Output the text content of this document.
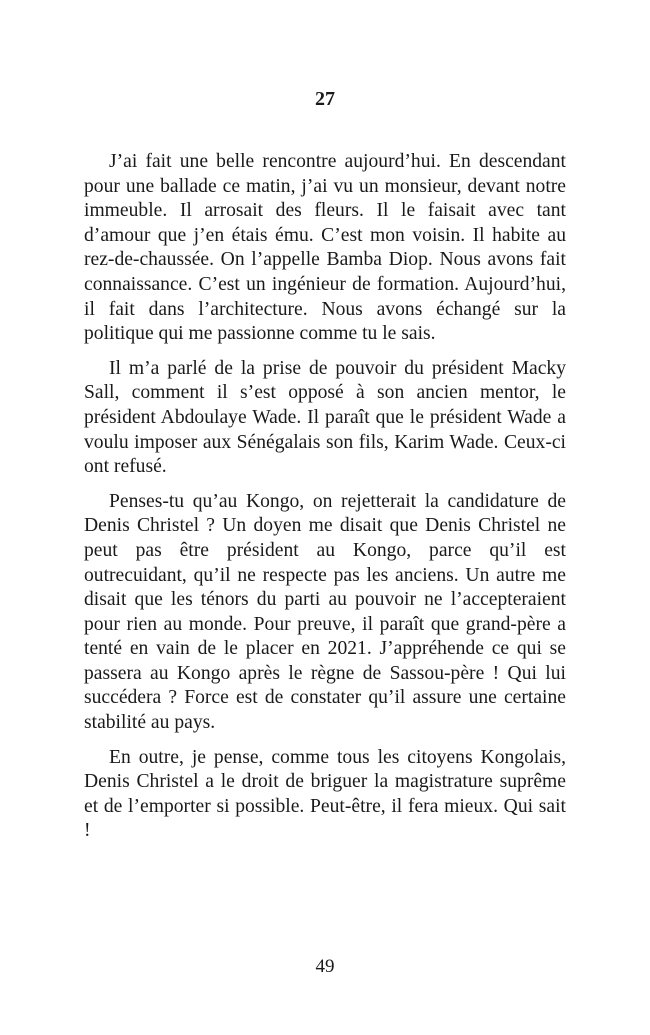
27

J’ai fait une belle rencontre aujourd’hui. En descendant pour une ballade ce matin, j’ai vu un monsieur, devant notre immeuble. Il arrosait des fleurs. Il le faisait avec tant d’amour que j’en étais ému. C’est mon voisin. Il habite au rez-de-chaussée. On l’appelle Bamba Diop. Nous avons fait connaissance. C’est un ingénieur de formation. Aujourd’hui, il fait dans l’architecture. Nous avons échangé sur la politique qui me passionne comme tu le sais.

Il m’a parlé de la prise de pouvoir du président Macky Sall, comment il s’est opposé à son ancien mentor, le président Abdoulaye Wade. Il paraît que le président Wade a voulu imposer aux Sénégalais son fils, Karim Wade. Ceux-ci ont refusé.

Penses-tu qu’au Kongo, on rejetterait la candidature de Denis Christel ? Un doyen me disait que Denis Christel ne peut pas être président au Kongo, parce qu’il est outrecuidant, qu’il ne respecte pas les anciens. Un autre me disait que les ténors du parti au pouvoir ne l’accepteraient pour rien au monde. Pour preuve, il paraît que grand-père a tenté en vain de le placer en 2021. J’appréhende ce qui se passera au Kongo après le règne de Sassou-père ! Qui lui succédera ? Force est de constater qu’il assure une certaine stabilité au pays.

En outre, je pense, comme tous les citoyens Kongolais, Denis Christel a le droit de briguer la magistrature suprême et de l’emporter si possible. Peut-être, il fera mieux. Qui sait !

49
